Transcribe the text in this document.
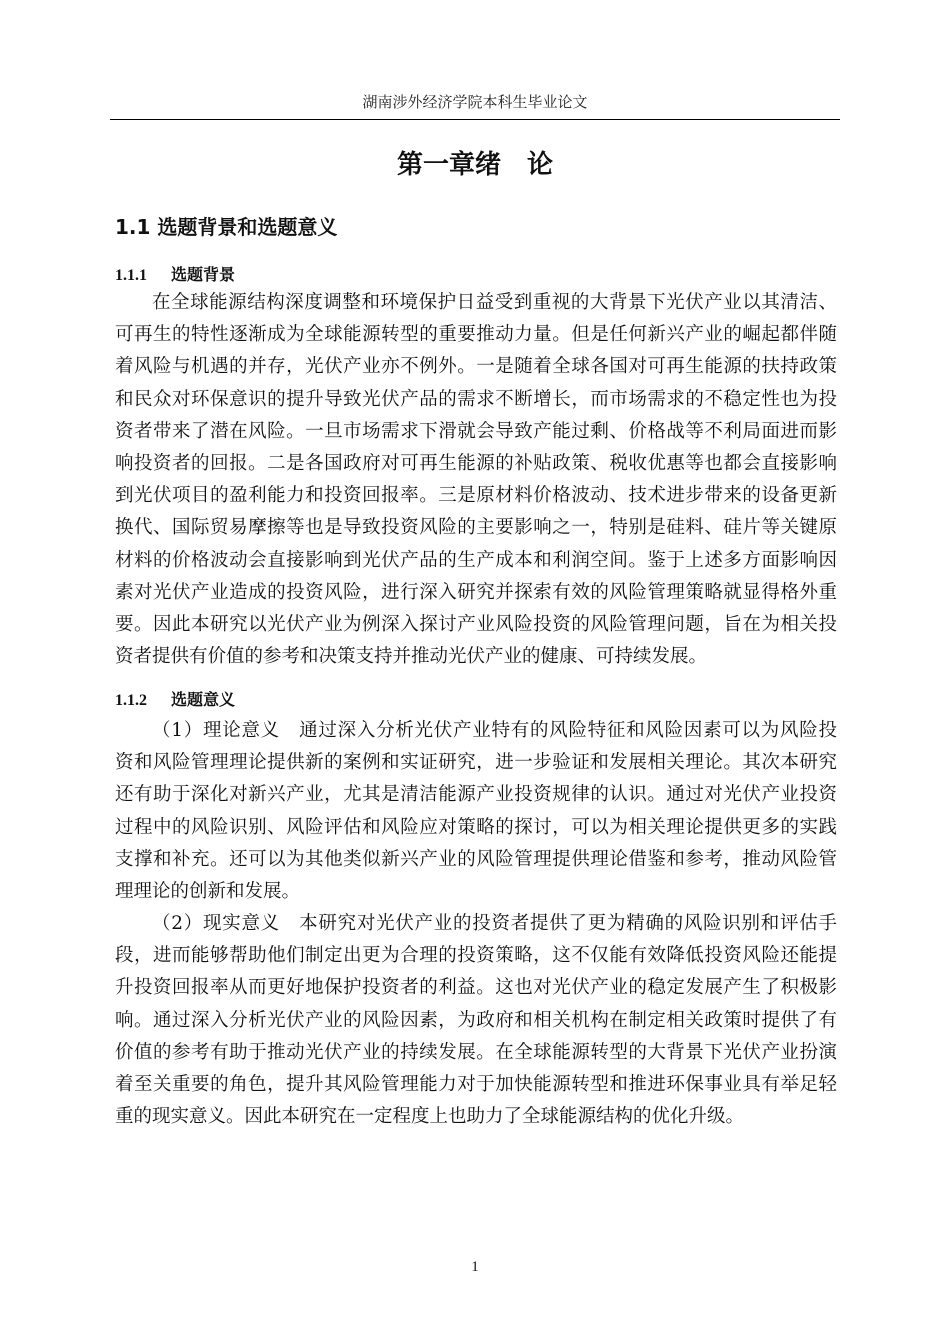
湖南涉外经济学院本科生毕业论文
第一章绪 论
1.1 选题背景和选题意义
1.1.1 选题背景
在全球能源结构深度调整和环境保护日益受到重视的大背景下光伏产业以其清洁、
可再生的特性逐渐成为全球能源转型的重要推动力量。但是任何新兴产业的崛起都伴随
着风险与机遇的并存，光伏产业亦不例外。一是随着全球各国对可再生能源的扶持政策
和民众对环保意识的提升导致光伏产品的需求不断增长，而市场需求的不稳定性也为投
资者带来了潜在风险。一旦市场需求下滑就会导致产能过剩、价格战等不利局面进而影
响投资者的回报。二是各国政府对可再生能源的补贴政策、税收优惠等也都会直接影响
到光伏项目的盈利能力和投资回报率。三是原材料价格波动、技术进步带来的设备更新
换代、国际贸易摩擦等也是导致投资风险的主要影响之一，特别是硅料、硅片等关键原
材料的价格波动会直接影响到光伏产品的生产成本和利润空间。鉴于上述多方面影响因
素对光伏产业造成的投资风险，进行深入研究并探索有效的风险管理策略就显得格外重
要。因此本研究以光伏产业为例深入探讨产业风险投资的风险管理问题，旨在为相关投
资者提供有价值的参考和决策支持并推动光伏产业的健康、可持续发展。
1.1.2 选题意义
（1）理论意义　通过深入分析光伏产业特有的风险特征和风险因素可以为风险投
资和风险管理理论提供新的案例和实证研究，进一步验证和发展相关理论。其次本研究
还有助于深化对新兴产业，尤其是清洁能源产业投资规律的认识。通过对光伏产业投资
过程中的风险识别、风险评估和风险应对策略的探讨，可以为相关理论提供更多的实践
支撑和补充。还可以为其他类似新兴产业的风险管理提供理论借鉴和参考，推动风险管
理理论的创新和发展。
（2）现实意义　本研究对光伏产业的投资者提供了更为精确的风险识别和评估手
段，进而能够帮助他们制定出更为合理的投资策略，这不仅能有效降低投资风险还能提
升投资回报率从而更好地保护投资者的利益。这也对光伏产业的稳定发展产生了积极影
响。通过深入分析光伏产业的风险因素，为政府和相关机构在制定相关政策时提供了有
价值的参考有助于推动光伏产业的持续发展。在全球能源转型的大背景下光伏产业扮演
着至关重要的角色，提升其风险管理能力对于加快能源转型和推进环保事业具有举足轻
重的现实意义。因此本研究在一定程度上也助力了全球能源结构的优化升级。
1
